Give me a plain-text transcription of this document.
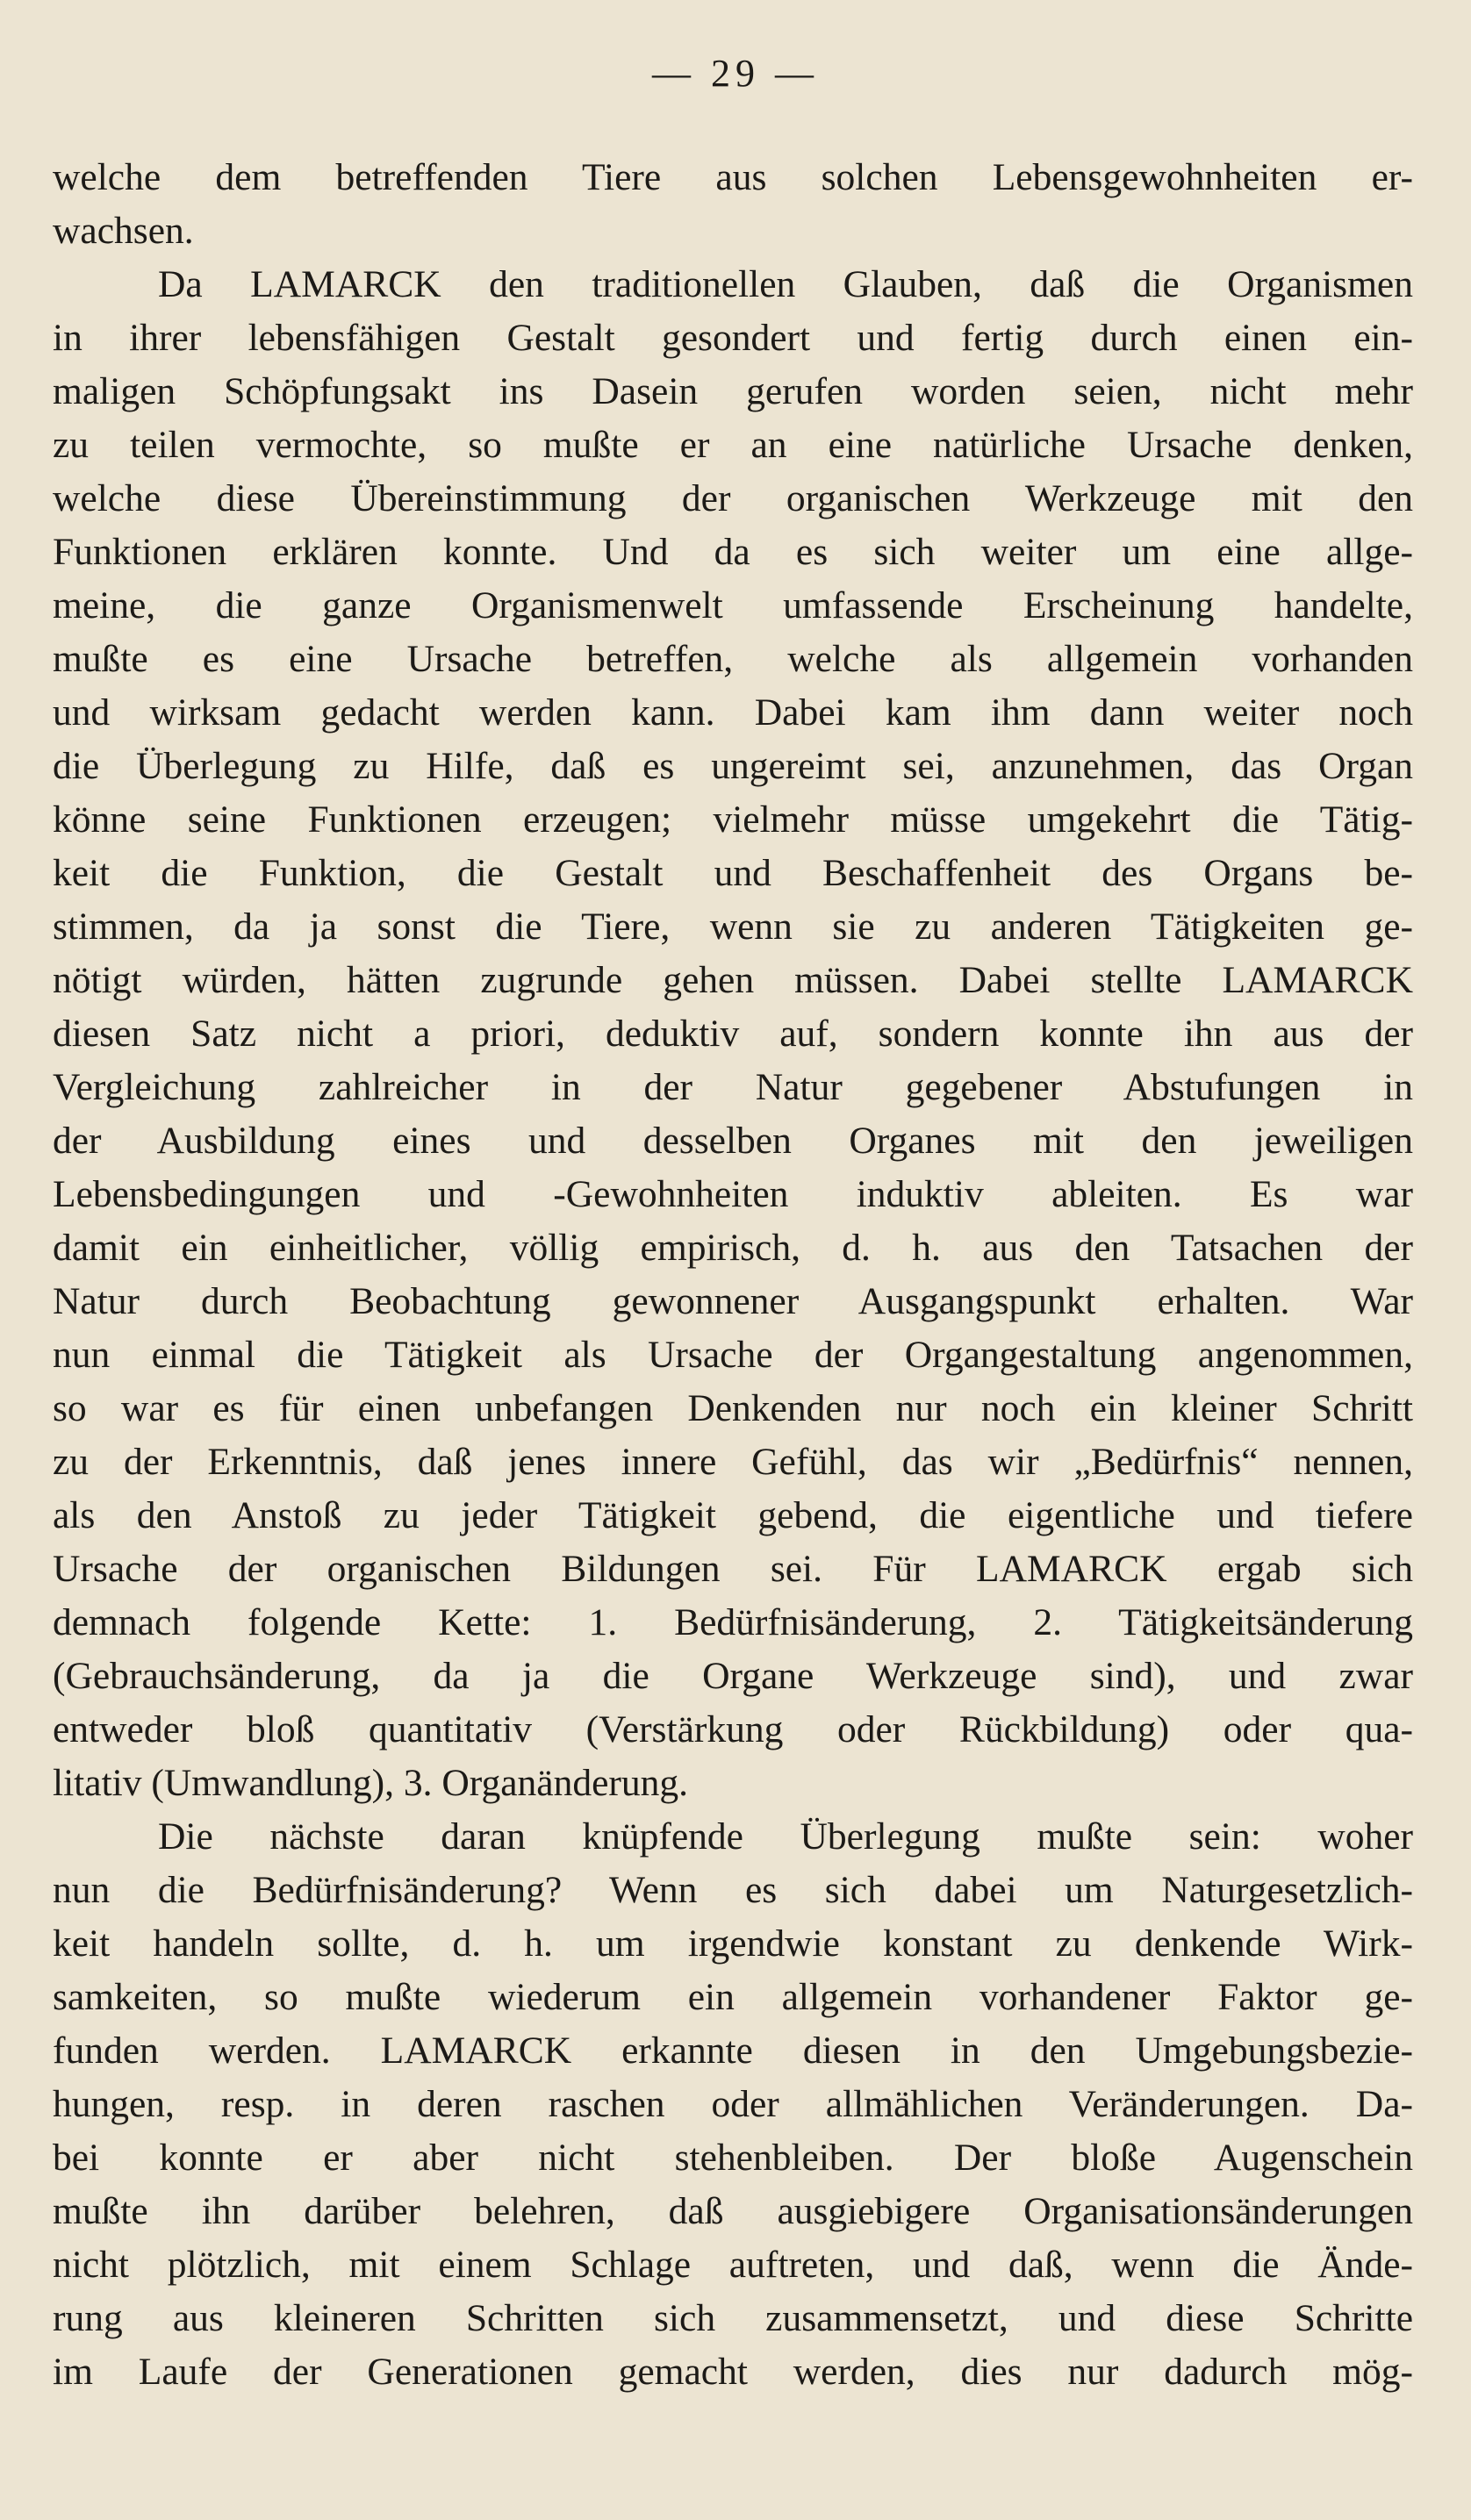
— 29 —
welche dem betreffenden Tiere aus solchen Lebensgewohnheiten er-
wachsen.
Da LAMARCK den traditionellen Glauben, daß die Organismen
in ihrer lebensfähigen Gestalt gesondert und fertig durch einen ein-
maligen Schöpfungsakt ins Dasein gerufen worden seien, nicht mehr
zu teilen vermochte, so mußte er an eine natürliche Ursache denken,
welche diese Übereinstimmung der organischen Werkzeuge mit den
Funktionen erklären konnte. Und da es sich weiter um eine allge-
meine, die ganze Organismenwelt umfassende Erscheinung handelte,
mußte es eine Ursache betreffen, welche als allgemein vorhanden
und wirksam gedacht werden kann. Dabei kam ihm dann weiter noch
die Überlegung zu Hilfe, daß es ungereimt sei, anzunehmen, das Organ
könne seine Funktionen erzeugen; vielmehr müsse umgekehrt die Tätig-
keit die Funktion, die Gestalt und Beschaffenheit des Organs be-
stimmen, da ja sonst die Tiere, wenn sie zu anderen Tätigkeiten ge-
nötigt würden, hätten zugrunde gehen müssen. Dabei stellte LAMARCK
diesen Satz nicht a priori, deduktiv auf, sondern konnte ihn aus der
Vergleichung zahlreicher in der Natur gegebener Abstufungen in
der Ausbildung eines und desselben Organes mit den jeweiligen
Lebensbedingungen und -Gewohnheiten induktiv ableiten. Es war
damit ein einheitlicher, völlig empirisch, d. h. aus den Tatsachen der
Natur durch Beobachtung gewonnener Ausgangspunkt erhalten. War
nun einmal die Tätigkeit als Ursache der Organgestaltung angenommen,
so war es für einen unbefangen Denkenden nur noch ein kleiner Schritt
zu der Erkenntnis, daß jenes innere Gefühl, das wir „Bedürfnis“ nennen,
als den Anstoß zu jeder Tätigkeit gebend, die eigentliche und tiefere
Ursache der organischen Bildungen sei. Für LAMARCK ergab sich
demnach folgende Kette: 1. Bedürfnisänderung, 2. Tätigkeitsänderung
(Gebrauchsänderung, da ja die Organe Werkzeuge sind), und zwar
entweder bloß quantitativ (Verstärkung oder Rückbildung) oder qua-
litativ (Umwandlung), 3. Organänderung.
Die nächste daran knüpfende Überlegung mußte sein: woher
nun die Bedürfnisänderung? Wenn es sich dabei um Naturgesetzlich-
keit handeln sollte, d. h. um irgendwie konstant zu denkende Wirk-
samkeiten, so mußte wiederum ein allgemein vorhandener Faktor ge-
funden werden. LAMARCK erkannte diesen in den Umgebungsbezie-
hungen, resp. in deren raschen oder allmählichen Veränderungen. Da-
bei konnte er aber nicht stehenbleiben. Der bloße Augenschein
mußte ihn darüber belehren, daß ausgiebigere Organisationsänderungen
nicht plötzlich, mit einem Schlage auftreten, und daß, wenn die Ände-
rung aus kleineren Schritten sich zusammensetzt, und diese Schritte
im Laufe der Generationen gemacht werden, dies nur dadurch mög-
